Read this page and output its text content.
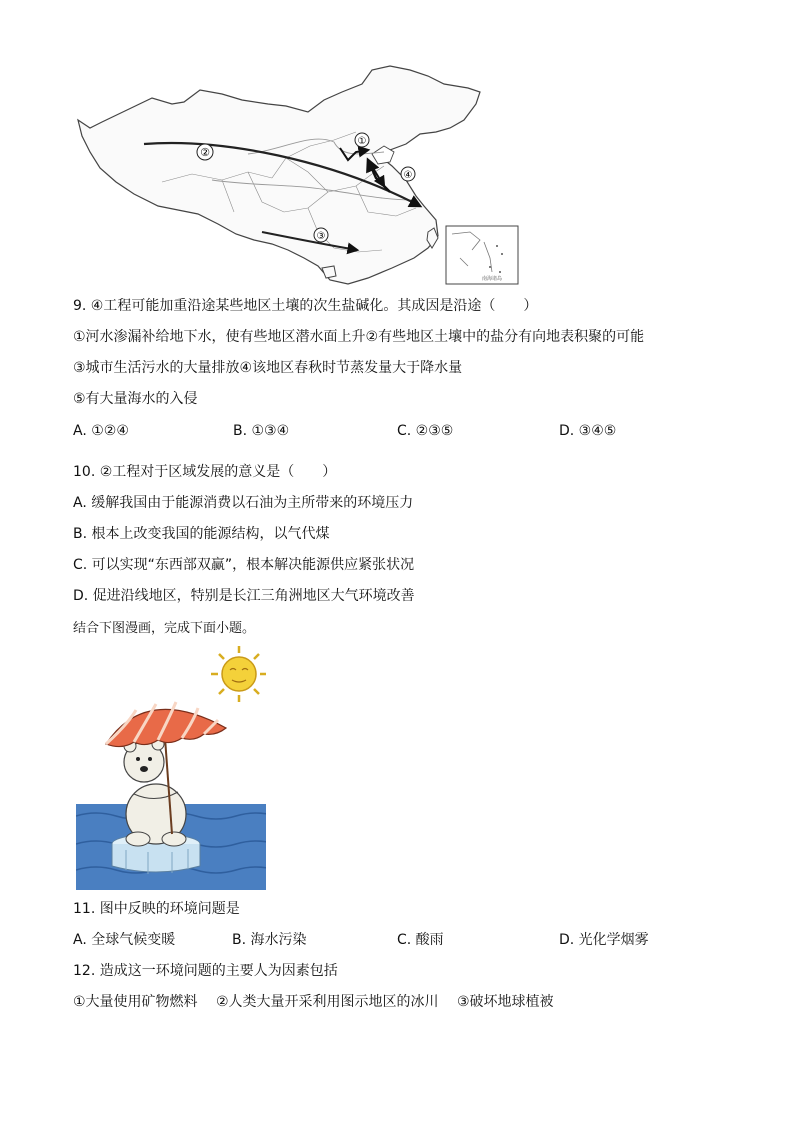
①
②
③
④
南海诸岛
9. ④工程可能加重沿途某些地区土壤的次生盐碱化。其成因是沿途（　　）
①河水渗漏补给地下水，使有些地区潜水面上升②有些地区土壤中的盐分有向地表积聚的可能
③城市生活污水的大量排放④该地区春秋时节蒸发量大于降水量
⑤有大量海水的入侵
A. ①②④	B. ①③④	C. ②③⑤	D. ③④⑤
10. ②工程对于区域发展的意义是（　　）
A. 缓解我国由于能源消费以石油为主所带来的环境压力
B. 根本上改变我国的能源结构，以气代煤
C. 可以实现“东西部双赢”，根本解决能源供应紧张状况
D. 促进沿线地区，特别是长江三角洲地区大气环境改善
结合下图漫画，完成下面小题。
11. 图中反映的环境问题是
A. 全球气候变暖	B. 海水污染	C. 酸雨	D. 光化学烟雾
12. 造成这一环境问题的主要人为因素包括
①大量使用矿物燃料　 ②人类大量开采利用图示地区的冰川　 ③破坏地球植被
